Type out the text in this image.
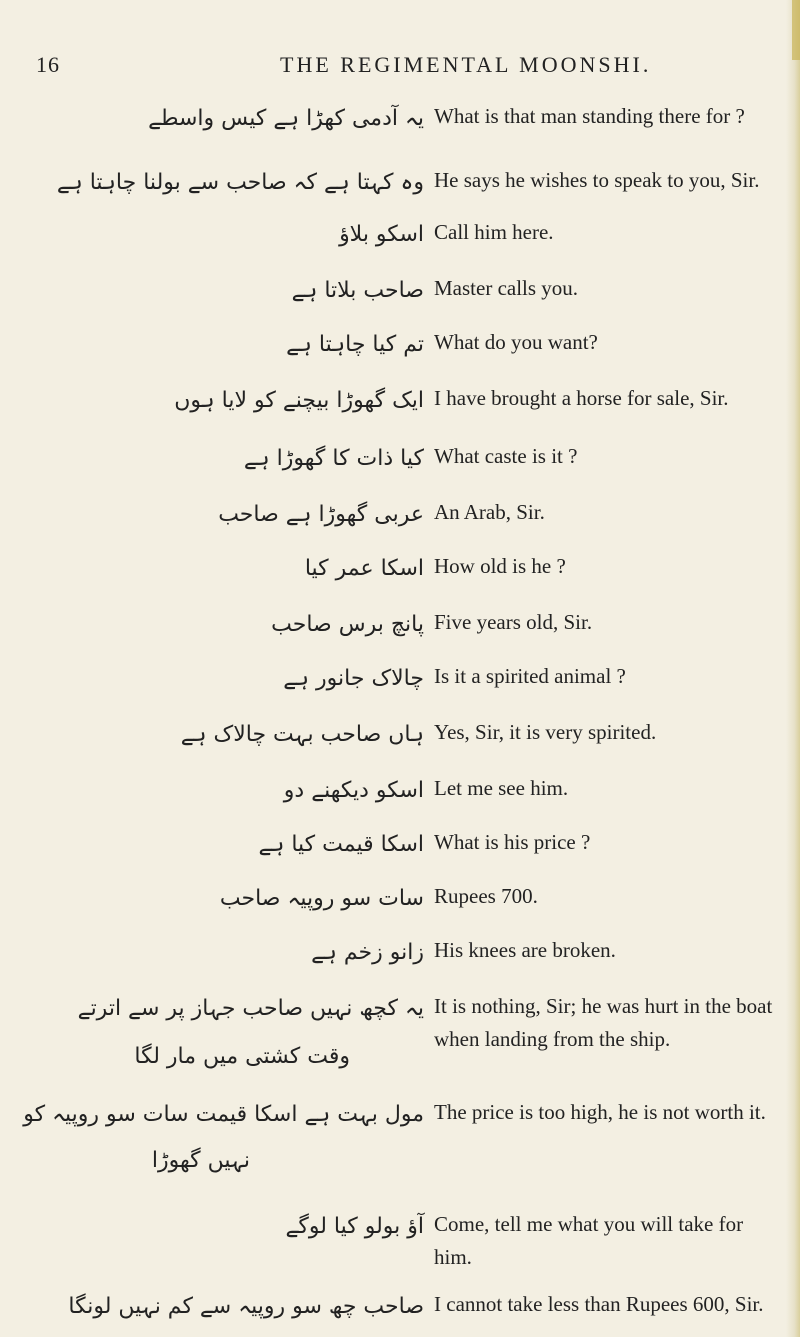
16	THE REGIMENTAL MOONSHI.
یہ آدمی کھڑا ہے کیس واسطے What is that man standing there for ?
وہ کہتا ہے کہ صاحب سے بولنا چاہتا ہے He says he wishes to speak to you, Sir.
اسکو بلاؤ Call him here.
صاحب بلاتا ہے Master calls you.
تم کیا چاہتا ہے What do you want?
ایک گھوڑا بیچنے کو لایا ہوں I have brought a horse for sale, Sir.
کیا ذات کا گھوڑا ہے What caste is it ?
عربی گھوڑا ہے صاحب An Arab, Sir.
اسکا عمر کیا How old is he ?
پانچ برس صاحب Five years old, Sir.
چالاک جانور ہے Is it a spirited animal ?
ہاں صاحب بہت چالاک ہے Yes, Sir, it is very spirited.
اسکو دیکھنے دو Let me see him.
اسکا قیمت کیا ہے What is his price ?
سات سو روپیہ صاحب Rupees 700.
زانو زخم ہے His knees are broken.
یہ کچھ نہیں صاحب جہاز پر سے اترتے
وقت کشتی میں مار لگا
It is nothing, Sir; he was hurt in the boat when landing from the ship.
مول بہت ہے اسکا قیمت سات سو روپیہ کو
نہیں گھوڑا
The price is too high, he is not worth it.
آؤ بولو کیا لوگے Come, tell me what you will take for him.
صاحب چھ سو روپیہ سے کم نہیں لونگا I cannot take less than Rupees 600, Sir.
